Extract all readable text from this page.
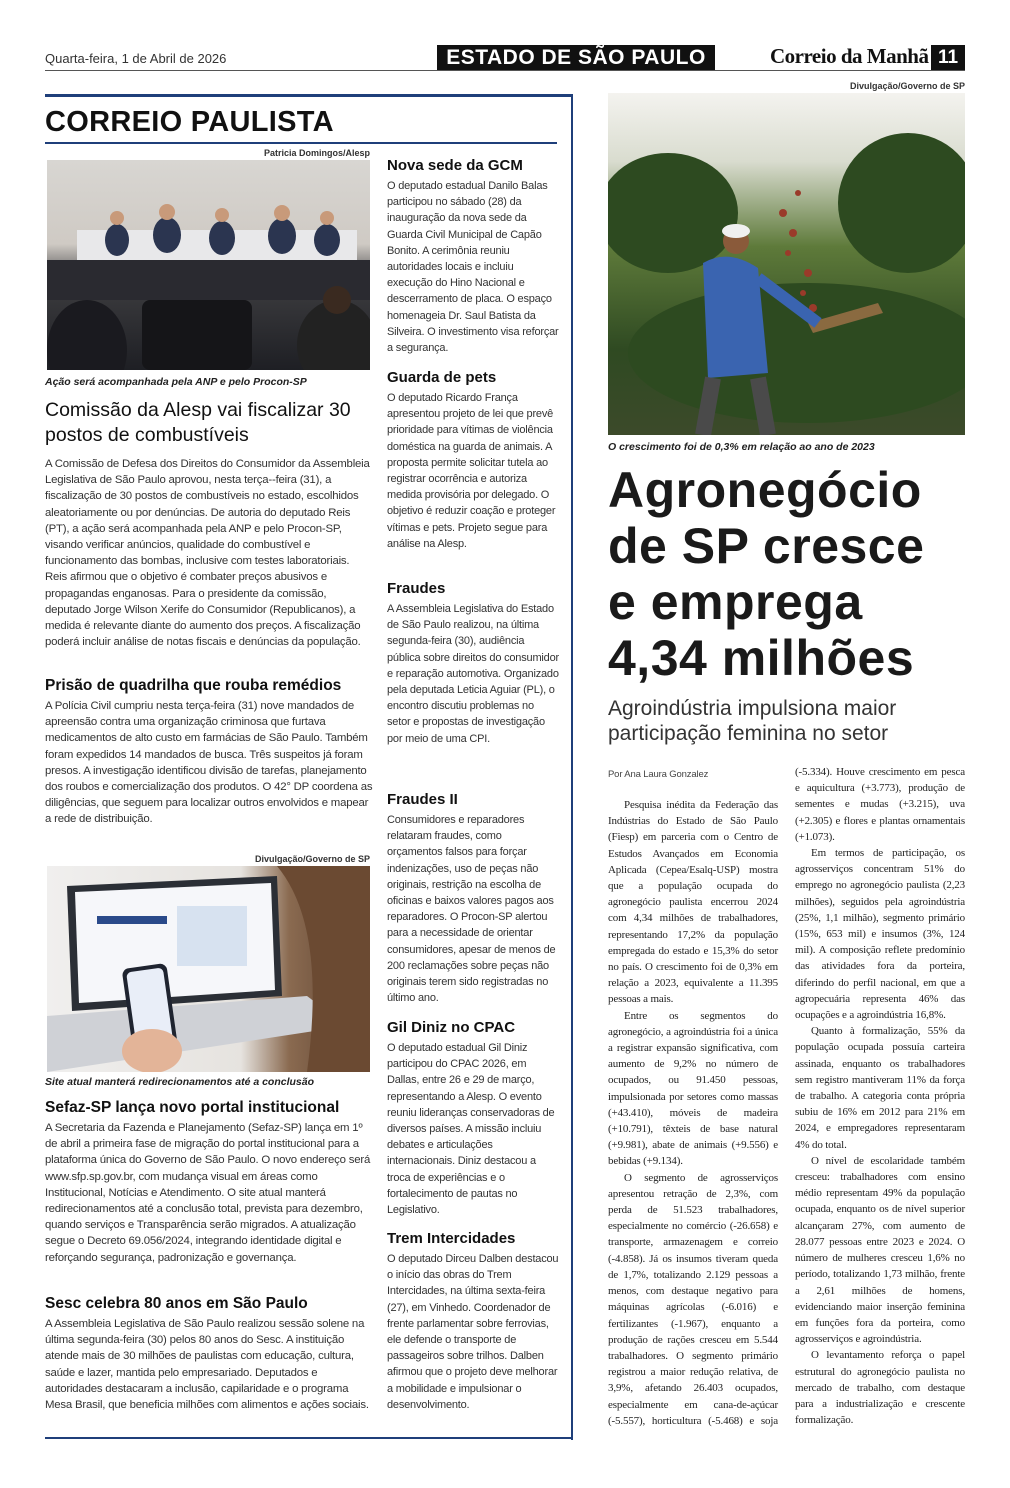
Quarta-feira, 1 de Abril de 2026	ESTADO DE SÃO PAULO	Correio da Manhã 11
CORREIO PAULISTA
Patricia Domingos/Alesp
Ação será acompanhada pela ANP e pelo Procon-SP
Comissão da Alesp vai fiscalizar 30 postos de combustíveis
A Comissão de Defesa dos Direitos do Consumidor da Assembleia Legislativa de São Paulo aprovou, nesta terça--feira (31), a fiscalização de 30 postos de combustíveis no estado, escolhidos aleatoriamente ou por denúncias. De autoria do deputado Reis (PT), a ação será acompanhada pela ANP e pelo Procon-SP, visando verificar anúncios, qualidade do combustível e funcionamento das bombas, inclusive com testes laboratoriais. Reis afirmou que o objetivo é combater preços abusivos e propagandas enganosas. Para o presidente da comissão, deputado Jorge Wilson Xerife do Consumidor (Republicanos), a medida é relevante diante do aumento dos preços. A fiscalização poderá incluir análise de notas fiscais e denúncias da população.
Prisão de quadrilha que rouba remédios
A Polícia Civil cumpriu nesta terça-feira (31) nove mandados de apreensão contra uma organização criminosa que furtava medicamentos de alto custo em farmácias de São Paulo. Também foram expedidos 14 mandados de busca. Três suspeitos já foram presos. A investigação identificou divisão de tarefas, planejamento dos roubos e comercialização dos produtos. O 42° DP coordena as diligências, que seguem para localizar outros envolvidos e mapear a rede de distribuição.
Divulgação/Governo de SP
Site atual manterá redirecionamentos até a conclusão
Sefaz-SP lança novo portal institucional
A Secretaria da Fazenda e Planejamento (Sefaz-SP) lança em 1º de abril a primeira fase de migração do portal institucional para a plataforma única do Governo de São Paulo. O novo endereço será www.sfp.sp.gov.br, com mudança visual em áreas como Institucional, Notícias e Atendimento. O site atual manterá redirecionamentos até a conclusão total, prevista para dezembro, quando serviços e Transparência serão migrados. A atualização segue o Decreto 69.056/2024, integrando identidade digital e reforçando segurança, padronização e governança.
Sesc celebra 80 anos em São Paulo
A Assembleia Legislativa de São Paulo realizou sessão solene na última segunda-feira (30) pelos 80 anos do Sesc. A instituição atende mais de 30 milhões de paulistas com educação, cultura, saúde e lazer, mantida pelo empresariado. Deputados e autoridades destacaram a inclusão, capilaridade e o programa Mesa Brasil, que beneficia milhões com alimentos e ações sociais.
Nova sede da GCM
O deputado estadual Danilo Balas participou no sábado (28) da inauguração da nova sede da Guarda Civil Municipal de Capão Bonito. A cerimônia reuniu autoridades locais e incluiu execução do Hino Nacional e descerramento de placa. O espaço homenageia Dr. Saul Batista da Silveira. O investimento visa reforçar a segurança.
Guarda de pets
O deputado Ricardo França apresentou projeto de lei que prevê prioridade para vítimas de violência doméstica na guarda de animais. A proposta permite solicitar tutela ao registrar ocorrência e autoriza medida provisória por delegado. O objetivo é reduzir coação e proteger vítimas e pets. Projeto segue para análise na Alesp.
Fraudes
A Assembleia Legislativa do Estado de São Paulo realizou, na última segunda-feira (30), audiência pública sobre direitos do consumidor e reparação automotiva. Organizado pela deputada Leticia Aguiar (PL), o encontro discutiu problemas no setor e propostas de investigação por meio de uma CPI.
Fraudes II
Consumidores e reparadores relataram fraudes, como orçamentos falsos para forçar indenizações, uso de peças não originais, restrição na escolha de oficinas e baixos valores pagos aos reparadores. O Procon-SP alertou para a necessidade de orientar consumidores, apesar de menos de 200 reclamações sobre peças não originais terem sido registradas no último ano.
Gil Diniz no CPAC
O deputado estadual Gil Diniz participou do CPAC 2026, em Dallas, entre 26 e 29 de março, representando a Alesp. O evento reuniu lideranças conservadoras de diversos países. A missão incluiu debates e articulações internacionais. Diniz destacou a troca de experiências e o fortalecimento de pautas no Legislativo.
Trem Intercidades
O deputado Dirceu Dalben destacou o início das obras do Trem Intercidades, na última sexta-feira (27), em Vinhedo. Coordenador de frente parlamentar sobre ferrovias, ele defende o transporte de passageiros sobre trilhos. Dalben afirmou que o projeto deve melhorar a mobilidade e impulsionar o desenvolvimento.
Divulgação/Governo de SP
O crescimento foi de 0,3% em relação ao ano de 2023
Agronegócio
de SP cresce
e emprega
4,34 milhões
Agroindústria impulsiona maior participação feminina no setor
Por Ana Laura Gonzalez

Pesquisa inédita da Federação das Indústrias do Estado de São Paulo (Fiesp) em parceria com o Centro de Estudos Avançados em Economia Aplicada (Cepea/Esalq-USP) mostra que a população ocupada do agronegócio paulista encerrou 2024 com 4,34 milhões de trabalhadores, representando 17,2% da população empregada do estado e 15,3% do setor no país. O crescimento foi de 0,3% em relação a 2023, equivalente a 11.395 pessoas a mais.

Entre os segmentos do agronegócio, a agroindústria foi a única a registrar expansão significativa, com aumento de 9,2% no número de ocupados, ou 91.450 pessoas, impulsionada por setores como massas (+43.410), móveis de madeira (+10.791), têxteis de base natural (+9.981), abate de animais (+9.556) e bebidas (+9.134).

O segmento de agrosserviços apresentou retração de 2,3%, com perda de 51.523 trabalhadores, especialmente no comércio (-26.658) e transporte, armazenagem e correio (-4.858). Já os insumos tiveram queda de 1,7%, totalizando 2.129 pessoas a menos, com destaque negativo para máquinas agrícolas (-6.016) e fertilizantes (-1.967), enquanto a produção de rações cresceu em 5.544 trabalhadores. O segmento primário registrou a maior redução relativa, de 3,9%, afetando 26.403 ocupados, especialmente em cana-de-açúcar (-5.557), horticultura (-5.468) e soja (-5.334). Houve crescimento em pesca e aquicultura (+3.773), produção de sementes e mudas (+3.215), uva (+2.305) e flores e plantas ornamentais (+1.073).

Em termos de participação, os agrosserviços concentram 51% do emprego no agronegócio paulista (2,23 milhões), seguidos pela agroindústria (25%, 1,1 milhão), segmento primário (15%, 653 mil) e insumos (3%, 124 mil). A composição reflete predomínio das atividades fora da porteira, diferindo do perfil nacional, em que a agropecuária representa 46% das ocupações e a agroindústria 16,8%.

Quanto à formalização, 55% da população ocupada possuía carteira assinada, enquanto os trabalhadores sem registro mantiveram 11% da força de trabalho. A categoria conta própria subiu de 16% em 2012 para 21% em 2024, e empregadores representaram 4% do total.

O nível de escolaridade também cresceu: trabalhadores com ensino médio representam 49% da população ocupada, enquanto os de nível superior alcançaram 27%, com aumento de 28.077 pessoas entre 2023 e 2024. O número de mulheres cresceu 1,6% no período, totalizando 1,73 milhão, frente a 2,61 milhões de homens, evidenciando maior inserção feminina em funções fora da porteira, como agrosserviços e agroindústria.

O levantamento reforça o papel estrutural do agronegócio paulista no mercado de trabalho, com destaque para a industrialização e crescente formalização.
